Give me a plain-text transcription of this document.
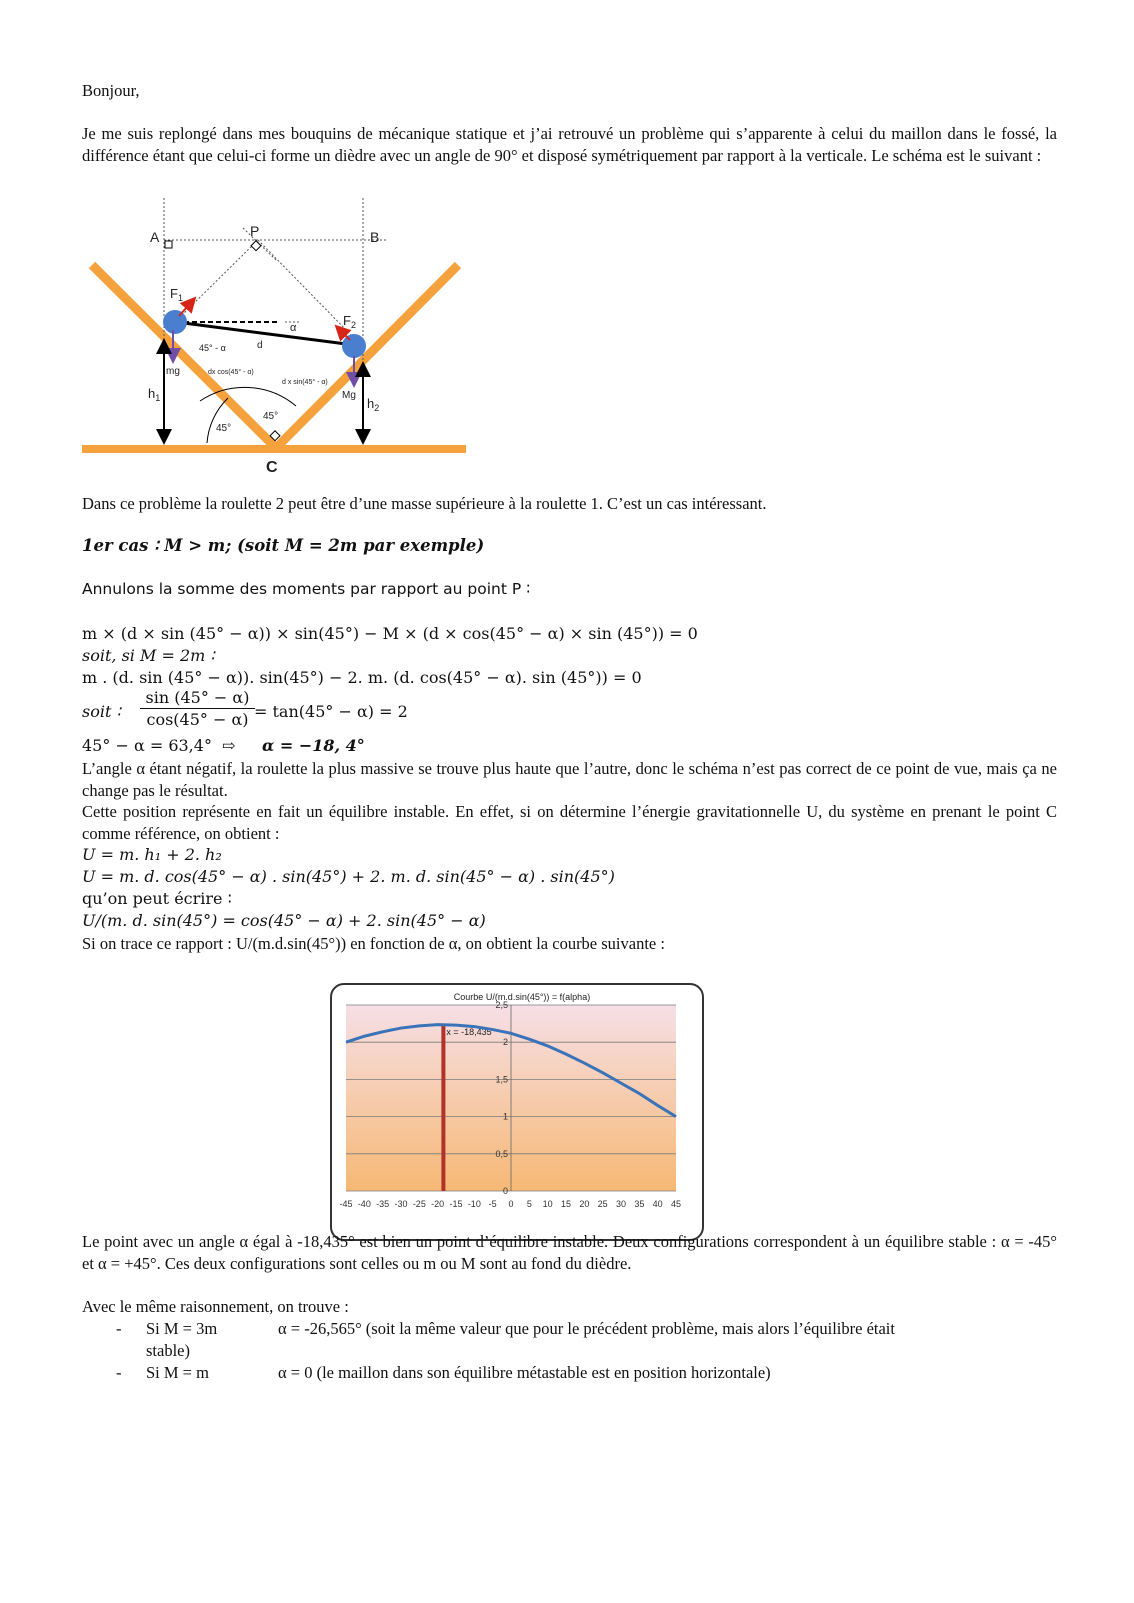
Bonjour,

Je me suis replongé dans mes bouquins de mécanique statique et j’ai retrouvé un problème qui s’apparente à celui du maillon dans le fossé, la différence étant que celui-ci forme un dièdre avec un angle de 90° et disposé symétriquement par rapport à la verticale. Le schéma est le suivant :

A	P	B
$F_1$
$F_2$
α
45° - α	d
mg
Mg
dx cos(45° - α)
d x sin(45° - α)
$h_1$	$h_2$
45°
45°
C

Dans ce problème la roulette 2 peut être d’une masse supérieure à la roulette 1. C’est un cas intéressant.

1er cas ∶ M > m; (soit M = 2m par exemple)
Annulons la somme des moments par rapport au point P ∶
m × (d × sin (45° − α)) × sin(45°) − M × (d × cos(45° − α) × sin (45°)) = 0
soit, si M = 2m ∶
m . (d. sin (45° − α)). sin(45°) − 2. m. (d. cos(45° − α). sin (45°)) = 0
soit ∶ $\frac{\sin (45^\circ - \alpha)}{\cos(45^\circ - \alpha)} = \tan(45^\circ - \alpha) = 2$
45° − α = 63,4° ⇨ α = −18, 4°

L’angle α étant négatif, la roulette la plus massive se trouve plus haute que l’autre, donc le schéma n’est pas correct de ce point de vue, mais ça ne change pas le résultat.

Cette position représente en fait un équilibre instable. En effet, si on détermine l’énergie gravitationnelle U, du système en prenant le point C comme référence, on obtient :

U = m. h₁ + 2. h₂
U = m. d. cos(45° − α) . sin(45°) + 2. m. d. sin(45° − α) . sin(45°)
qu’on peut écrire ∶
U/(m. d. sin(45°) = cos(45° − α) + 2. sin(45° − α)
Si on trace ce rapport : U/(m.d.sin(45°)) en fonction de α, on obtient la courbe suivante :
Courbe U/(m.d.sin(45°)) = f(alpha)
0
0,5
1
1,5
2
2,5
-45 -40 -35 -30 -25 -20 -15 -10 -5 0 5 10 15 20 25 30 35 40 45
x = -18,435

Le point avec un angle α égal à -18,435° est bien un point d’équilibre instable. Deux configurations correspondent à un équilibre stable : α = -45° et α = +45°. Ces deux configurations sont celles ou m ou M sont au fond du dièdre.

Avec le même raisonnement, on trouve :
- Si M = 3m	α = -26,565° (soit la même valeur que pour le précédent problème, mais alors l’équilibre était
stable)
- Si M = m	α = 0 (le maillon dans son équilibre métastable est en position horizontale)
